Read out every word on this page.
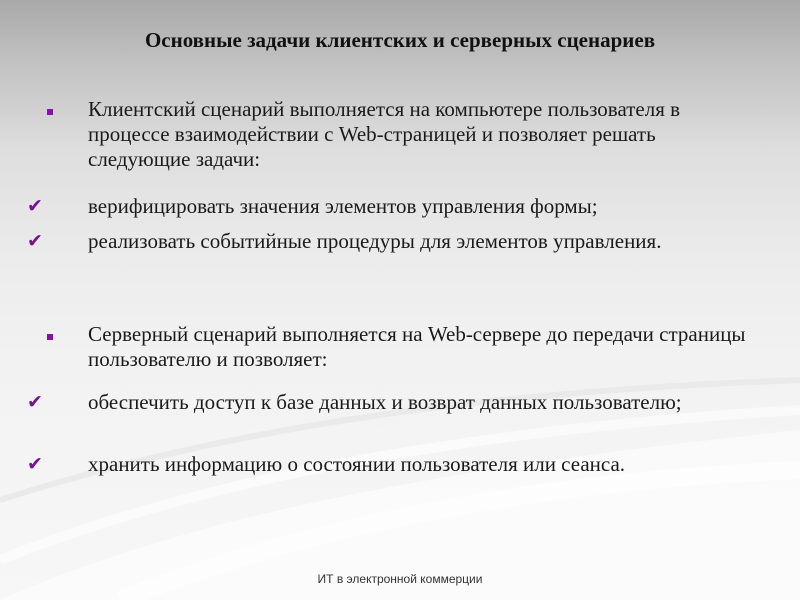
Основные задачи клиентских и серверных сценариев
Клиентский сценарий выполняется на компьютере пользователя в процессе взаимодействии с Web-страницей и позволяет решать следующие задачи:
✔ верифицировать значения элементов управления формы;
✔ реализовать событийные процедуры для элементов управления.
Серверный сценарий выполняется на Web-сервере до передачи страницы пользователю и позволяет:
✔ обеспечить доступ к базе данных и возврат данных пользователю;
✔ хранить информацию о состоянии пользователя или сеанса.
ИТ в электронной коммерции
